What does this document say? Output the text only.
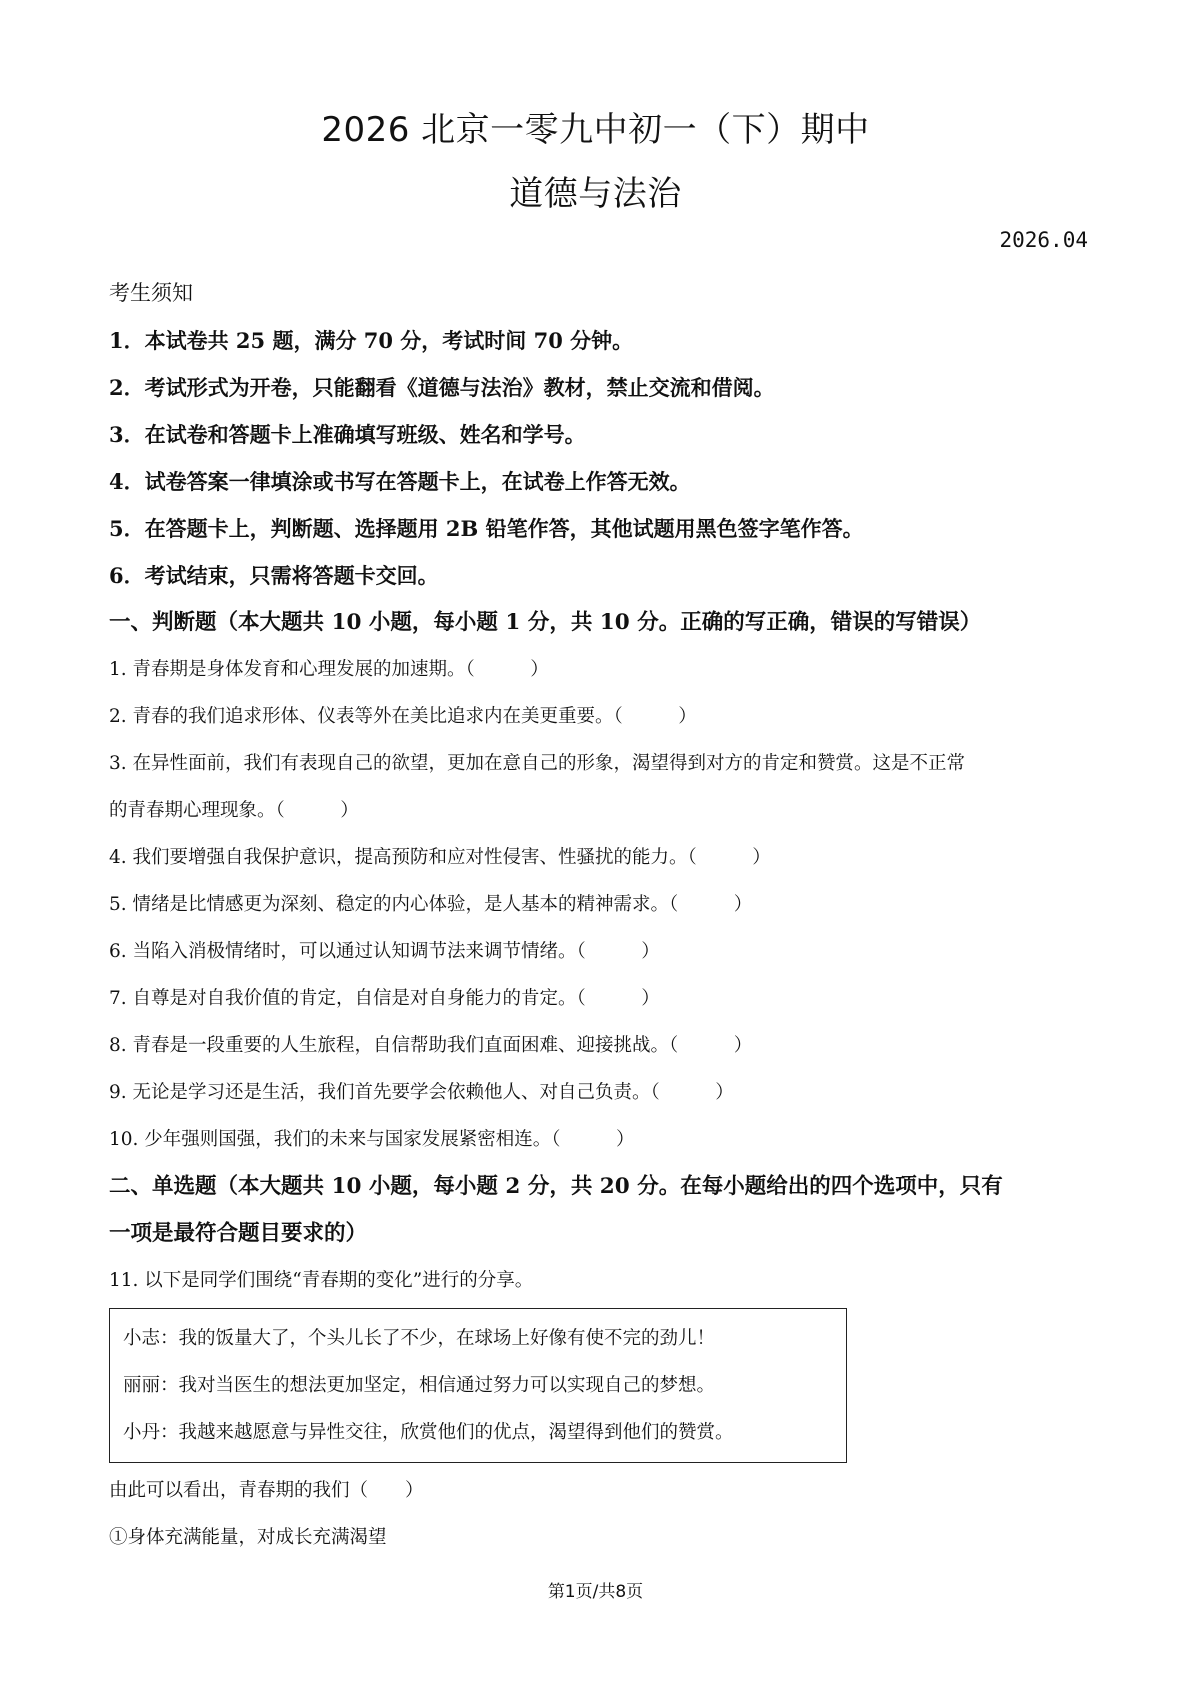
2026 北京一零九中初一（下）期中
道德与法治
2026.04
考生须知
1．本试卷共 25 题，满分 70 分，考试时间 70 分钟。
2．考试形式为开卷，只能翻看《道德与法治》教材，禁止交流和借阅。
3．在试卷和答题卡上准确填写班级、姓名和学号。
4．试卷答案一律填涂或书写在答题卡上，在试卷上作答无效。
5．在答题卡上，判断题、选择题用 2B 铅笔作答，其他试题用黑色签字笔作答。
6．考试结束，只需将答题卡交回。
一、判断题（本大题共 10 小题，每小题 1 分，共 10 分。正确的写正确，错误的写错误）
1. 青春期是身体发育和心理发展的加速期。（　　　）
2. 青春的我们追求形体、仪表等外在美比追求内在美更重要。（　　　）
3. 在异性面前，我们有表现自己的欲望，更加在意自己的形象，渴望得到对方的肯定和赞赏。这是不正常
的青春期心理现象。（　　　）
4. 我们要增强自我保护意识，提高预防和应对性侵害、性骚扰的能力。（　　　）
5. 情绪是比情感更为深刻、稳定的内心体验，是人基本的精神需求。（　　　）
6. 当陷入消极情绪时，可以通过认知调节法来调节情绪。（　　　）
7. 自尊是对自我价值的肯定，自信是对自身能力的肯定。（　　　）
8. 青春是一段重要的人生旅程，自信帮助我们直面困难、迎接挑战。（　　　）
9. 无论是学习还是生活，我们首先要学会依赖他人、对自己负责。（　　　）
10. 少年强则国强，我们的未来与国家发展紧密相连。（　　　）
二、单选题（本大题共 10 小题，每小题 2 分，共 20 分。在每小题给出的四个选项中，只有
一项是最符合题目要求的）
11. 以下是同学们围绕“青春期的变化”进行的分享。
小志：我的饭量大了，个头儿长了不少，在球场上好像有使不完的劲儿！
丽丽：我对当医生的想法更加坚定，相信通过努力可以实现自己的梦想。
小丹：我越来越愿意与异性交往，欣赏他们的优点，渴望得到他们的赞赏。
由此可以看出，青春期的我们（　　）
①身体充满能量，对成长充满渴望
第1页/共8页
